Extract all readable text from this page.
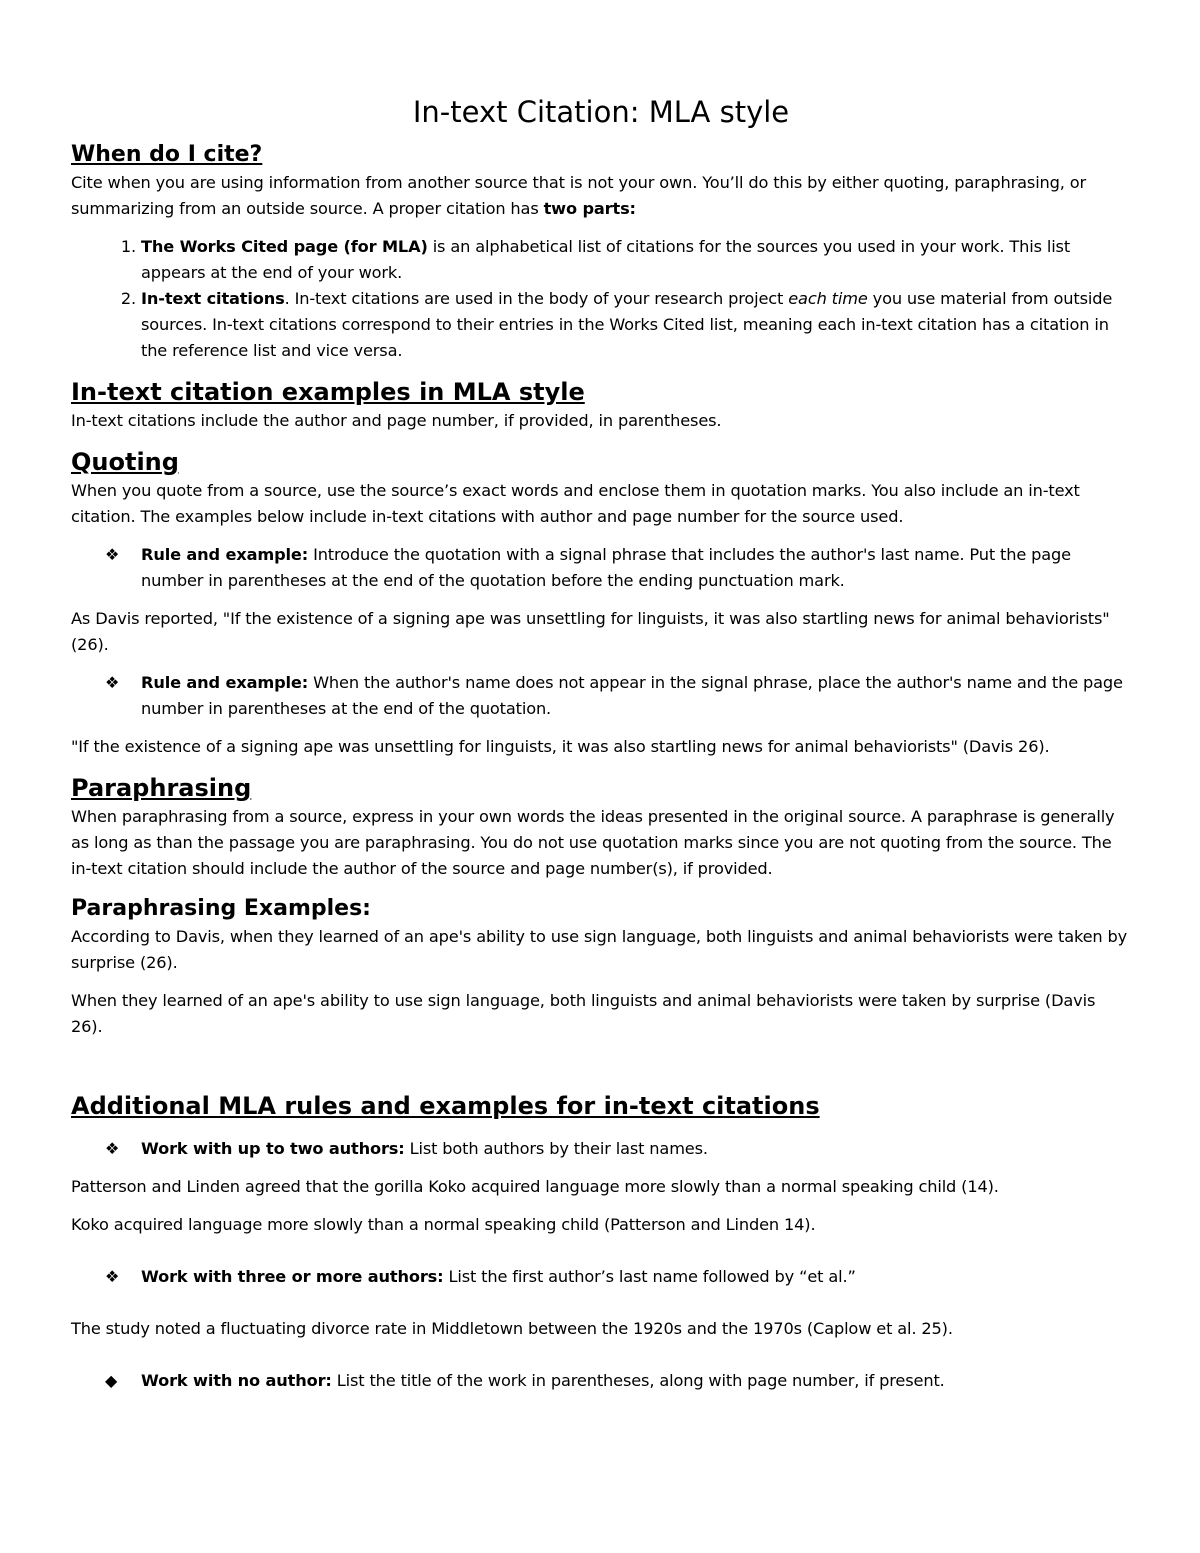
In-text Citation: MLA style
When do I cite?

Cite when you are using information from another source that is not your own. You’ll do this by either quoting, paraphrasing, or summarizing from an outside source. A proper citation has two parts:

1. The Works Cited page (for MLA) is an alphabetical list of citations for the sources you used in your work. This list appears at the end of your work.
2. In-text citations. In-text citations are used in the body of your research project each time you use material from outside sources. In-text citations correspond to their entries in the Works Cited list, meaning each in-text citation has a citation in the reference list and vice versa.
In-text citation examples in MLA style

In-text citations include the author and page number, if provided, in parentheses.

Quoting

When you quote from a source, use the source’s exact words and enclose them in quotation marks. You also include an in-text citation. The examples below include in-text citations with author and page number for the source used.

❖ Rule and example: Introduce the quotation with a signal phrase that includes the author's last name. Put the page number in parentheses at the end of the quotation before the ending punctuation mark.

As Davis reported, "If the existence of a signing ape was unsettling for linguists, it was also startling news for animal behaviorists" (26).

❖ Rule and example: When the author's name does not appear in the signal phrase, place the author's name and the page number in parentheses at the end of the quotation.

"If the existence of a signing ape was unsettling for linguists, it was also startling news for animal behaviorists" (Davis 26).

Paraphrasing

When paraphrasing from a source, express in your own words the ideas presented in the original source. A paraphrase is generally as long as than the passage you are paraphrasing. You do not use quotation marks since you are not quoting from the source. The in-text citation should include the author of the source and page number(s), if provided.

Paraphrasing Examples:

According to Davis, when they learned of an ape's ability to use sign language, both linguists and animal behaviorists were taken by surprise (26).

When they learned of an ape's ability to use sign language, both linguists and animal behaviorists were taken by surprise (Davis 26).

Additional MLA rules and examples for in-text citations
❖ Work with up to two authors: List both authors by their last names.

Patterson and Linden agreed that the gorilla Koko acquired language more slowly than a normal speaking child (14).

Koko acquired language more slowly than a normal speaking child (Patterson and Linden 14).

❖ Work with three or more authors: List the first author’s last name followed by “et al.”

The study noted a fluctuating divorce rate in Middletown between the 1920s and the 1970s (Caplow et al. 25).

◆ Work with no author: List the title of the work in parentheses, along with page number, if present.
